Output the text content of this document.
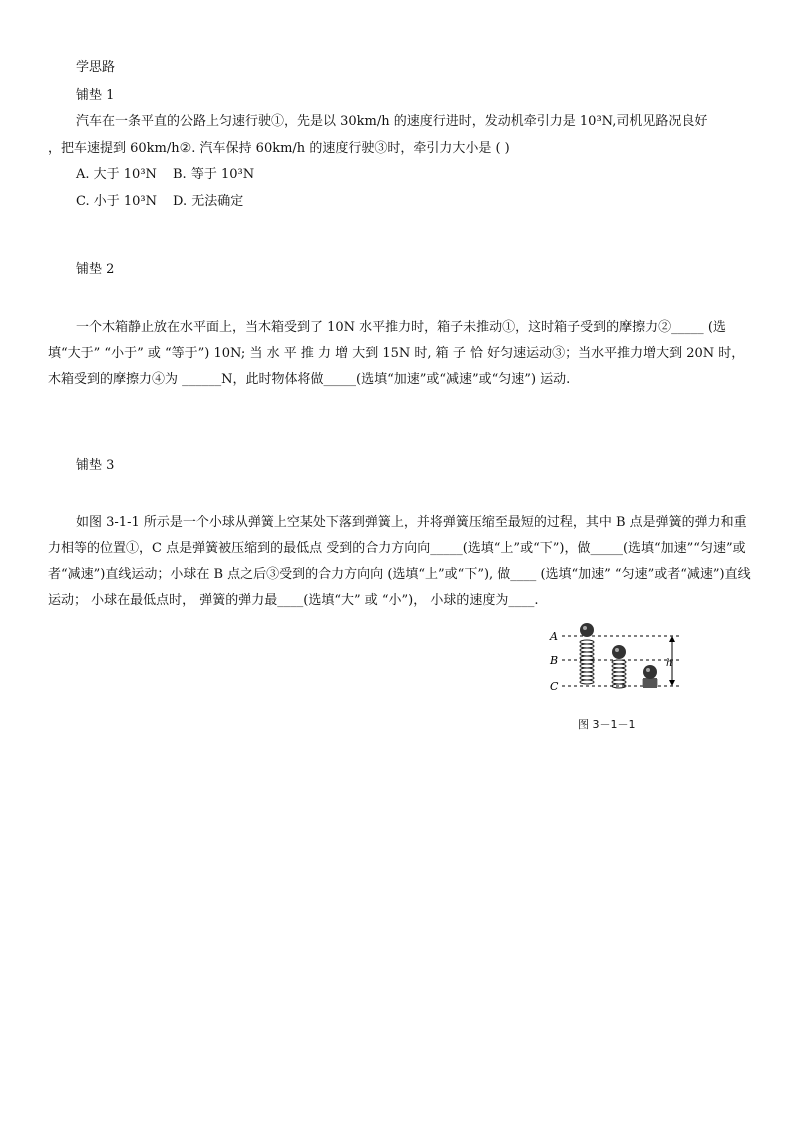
学思路
铺垫 1
汽车在一条平直的公路上匀速行驶①，先是以 30km/h 的速度行进时，发动机牵引力是 10³N,司机见路况良好
，把车速提到 60km/h②. 汽车保持 60km/h 的速度行驶③时，牵引力大小是 ( )
A. 大于 10³N B. 等于 10³N
C. 小于 10³N D. 无法确定
铺垫 2
一个木箱静止放在水平面上，当木箱受到了 10N 水平推力时，箱子未推动①，这时箱子受到的摩擦力②_____ (选填“大于” “小于” 或 “等于”) 10N; 当 水 平 推 力 增 大到 15N 时, 箱 子 恰 好匀速运动③；当水平推力增大到 20N 时，木箱受到的摩擦力④为 ______N，此时物体将做_____(选填“加速”或“减速”或“匀速”) 运动.
铺垫 3
如图 3-1-1 所示是一个小球从弹簧上空某处下落到弹簧上，并将弹簧压缩至最短的过程，其中 B 点是弹簧的弹力和重力相等的位置①，C 点是弹簧被压缩到的最低点 受到的合力方向向_____(选填“上”或“下”)，做_____(选填“加速”“匀速”或者“减速”)直线运动；小球在 B 点之后③受到的合力方向向 (选填“上”或“下”), 做____ (选填“加速” “匀速”或者“减速”)直线运动； 小球在最低点时， 弹簧的弹力最____(选填“大” 或 “小”)， 小球的速度为____.
A
B
C
h
图 3－1－1
